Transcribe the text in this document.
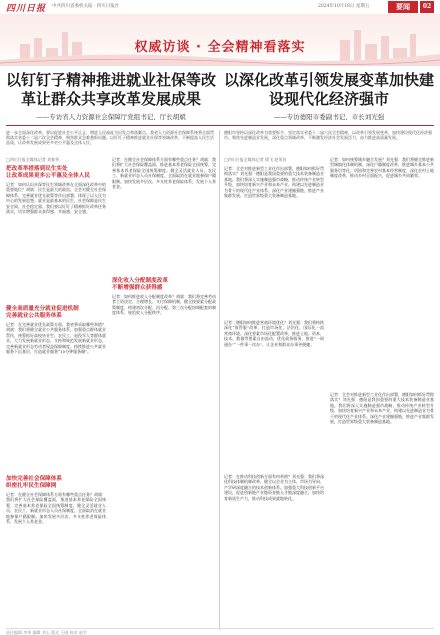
四川日报 中共四川省委机关报 · 四川日报社	2024年10月18日 星期五	要闻	02
权威访谈 · 全会精神看落实
以钉钉子精神推进就业社保等改革让群众共享改革发展成果
——专访省人力资源社会保障厅党组书记、厅长胡斌
以深化改革引领发展变革加快建设现代化经济强市
——专访德阳市委副书记、市长刘光强
进一步全面深化改革，要以促进社会公平正义、增进人民福祉为出发点和落脚点。我省人力资源社会保障系统将全面贯彻落实省委十二届六次全会精神，聚焦群众急难愁盼问题，以钉钉子精神推进就业社保等领域改革，不断提高人民生活品质，让改革发展成果更多更公平惠及全体人民。
德阳市坚持以深化改革为重要抓手，坚定落实省委十二届六次全会精神，以改革引领发展变革，加快建设现代化经济强市。聚焦先进制造业发展，深化重点领域改革，不断激发经济社会发展活力，奋力推进高质量发展。
□四川日报全媒体记者 刘春华
把改革举措落到民生实处
让改革成果更多公平惠及全体人民
记者：如何认识社保等民生领域改革在全面深化改革中的重要地位？胡斌：民生是最大的政治。全会对健全社会保障体系、完善就业优先政策等作出部署，体现了以人民为中心的发展思想。就业是最基本的民生，社会保障是民生安全网、社会稳定器。我们要以钉钉子精神抓好改革任务落实，切实增强群众获得感、幸福感、安全感。
健全高质量充分就业促进机制
完善就业公共服务体系
记者：在完善就业优先政策方面，我省将采取哪些举措？胡斌：我们将健全就业公共服务体系，加强重点群体就业帮扶，统筹抓好高校毕业生、农民工、退役军人等群体就业。大力发展新就业形态，支持和规范发展新就业形态，完善新就业形态劳动者权益保障制度。持续推进公共就业服务下沉基层，打造就业服务“15分钟服务圈”。
加快完善社会保障体系
织密扎牢民生保障网
记者：在健全社会保障体系方面有哪些重点任务？胡斌：我们将扩大社会保险覆盖面，推进基本养老保险全国统筹，完善基本养老保险全国统筹制度。健全灵活就业人员、农民工、新就业形态人员社保制度，全面取消在就业地参保户籍限制。加快发展多层次、多支柱养老保险体系，发展个人养老金。
深化收入分配制度改革
不断增强群众获得感
记者：在健全社会保障体系方面有哪些重点任务？胡斌：我们将扩大社会保险覆盖面，推进基本养老保险全国统筹，完善基本养老保险全国统筹制度。健全灵活就业人员、农民工、新就业形态人员社保制度，全面取消在就业地参保户籍限制。加快发展多层次、多支柱养老保险体系，发展个人养老金。
记者：如何推进收入分配制度改革？胡斌：我们将完善劳动者工资决定、合理增长、支付保障机制，健全按要素分配政策制度，构建初次分配、再分配、第三次分配协调配套的制度体系，规范收入分配秩序。
□四川日报全媒体记者 徐飞 赵荣昌
记者：全会对推进新型工业化作出部署，德阳如何抓好贯彻落实？刘光强：德阳是我国重要的重大技术装备制造业基地。我们将深入实施制造强市战略，推动传统产业转型升级，加快培育新兴产业和未来产业，构建以先进制造业为骨干的现代化产业体系。深化产业建圈强链，推进产业集群发展，打造世界级重大装备制造基地。
记者：德阳如何推进营商环境优化？刘光强：我们将持续深化“放管服”改革，打造市场化、法治化、国际化一流营商环境。深化要素市场化配置改革，推进土地、资本、技术、数据等要素自由流动，优化政务服务，推进“一网通办”“一件事一次办”，让企业和群众办事更便捷。
记者：在推动科技创新方面有何举措？刘光强：我们将深化科技体制机制改革，健全以企业为主体、市场为导向、产学研深度融合的技术创新体系。加强重大科技创新平台建设，促进创新链产业链资金链人才链深度融合，加快培育新质生产力，推动科技成果就地转化。
记者：如何统筹城乡融合发展？刘光强：我们将健全推进新型城镇化体制机制，深化户籍制度改革，推进城乡基本公共服务均等化。巩固和完善农村基本经营制度，深化农村土地制度改革，推动乡村全面振兴，促进城乡共同繁荣。
记者：全会对推进新型工业化作出部署，德阳如何抓好贯彻落实？刘光强：德阳是我国重要的重大技术装备制造业基地。我们将深入实施制造强市战略，推动传统产业转型升级，加快培育新兴产业和未来产业，构建以先进制造业为骨干的现代化产业体系。深化产业建圈强链，推进产业集群发展，打造世界级重大装备制造基地。
责任编辑 李华 编辑 刘玉 版式 王刚 校对 赵学
